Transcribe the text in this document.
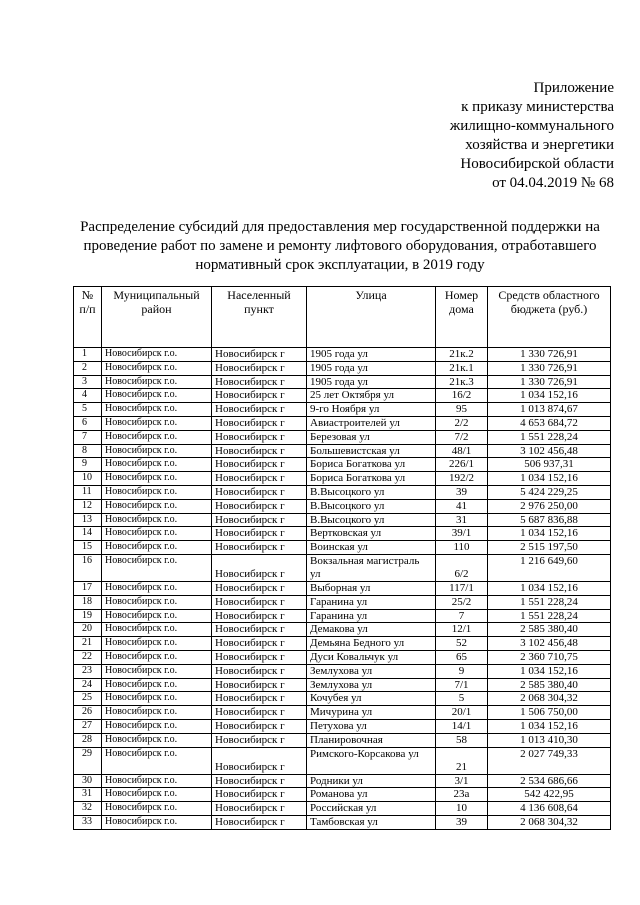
Приложение
к приказу министерства
жилищно-коммунального
хозяйства и энергетики
Новосибирской области
от 04.04.2019 № 68
Распределение субсидий для предоставления мер государственной поддержки на проведение работ по замене и ремонту лифтового оборудования, отработавшего нормативный срок эксплуатации, в 2019 году
№ п/п	Муниципальный район	Населенный пункт	Улица	Номер дома	Средств областного бюджета (руб.)
1	Новосибирск г.о.	Новосибирск г	1905 года ул	21к.2	1 330 726,91
2	Новосибирск г.о.	Новосибирск г	1905 года ул	21к.1	1 330 726,91
3	Новосибирск г.о.	Новосибирск г	1905 года ул	21к.3	1 330 726,91
4	Новосибирск г.о.	Новосибирск г	25 лет Октября ул	16/2	1 034 152,16
5	Новосибирск г.о.	Новосибирск г	9-го Ноября ул	95	1 013 874,67
6	Новосибирск г.о.	Новосибирск г	Авиастроителей ул	2/2	4 653 684,72
7	Новосибирск г.о.	Новосибирск г	Березовая ул	7/2	1 551 228,24
8	Новосибирск г.о.	Новосибирск г	Большевистская ул	48/1	3 102 456,48
9	Новосибирск г.о.	Новосибирск г	Бориса Богаткова ул	226/1	506 937,31
10	Новосибирск г.о.	Новосибирск г	Бориса Богаткова ул	192/2	1 034 152,16
11	Новосибирск г.о.	Новосибирск г	В.Высоцкого ул	39	5 424 229,25
12	Новосибирск г.о.	Новосибирск г	В.Высоцкого ул	41	2 976 250,00
13	Новосибирск г.о.	Новосибирск г	В.Высоцкого ул	31	5 687 836,88
14	Новосибирск г.о.	Новосибирск г	Вертковская ул	39/1	1 034 152,16
15	Новосибирск г.о.	Новосибирск г	Воинская ул	110	2 515 197,50
16	Новосибирск г.о.	Новосибирск г	Вокзальная магистраль ул	6/2	1 216 649,60
17	Новосибирск г.о.	Новосибирск г	Выборная ул	117/1	1 034 152,16
18	Новосибирск г.о.	Новосибирск г	Гаранина ул	25/2	1 551 228,24
19	Новосибирск г.о.	Новосибирск г	Гаранина ул	7	1 551 228,24
20	Новосибирск г.о.	Новосибирск г	Демакова ул	12/1	2 585 380,40
21	Новосибирск г.о.	Новосибирск г	Демьяна Бедного ул	52	3 102 456,48
22	Новосибирск г.о.	Новосибирск г	Дуси Ковальчук ул	65	2 360 710,75
23	Новосибирск г.о.	Новосибирск г	Землухова ул	9	1 034 152,16
24	Новосибирск г.о.	Новосибирск г	Землухова ул	7/1	2 585 380,40
25	Новосибирск г.о.	Новосибирск г	Кочубея ул	5	2 068 304,32
26	Новосибирск г.о.	Новосибирск г	Мичурина ул	20/1	1 506 750,00
27	Новосибирск г.о.	Новосибирск г	Петухова ул	14/1	1 034 152,16
28	Новосибирск г.о.	Новосибирск г	Планировочная	58	1 013 410,30
29	Новосибирск г.о.	Новосибирск г	Римского-Корсакова ул	21	2 027 749,33
30	Новосибирск г.о.	Новосибирск г	Родники ул	3/1	2 534 686,66
31	Новосибирск г.о.	Новосибирск г	Романова ул	23а	542 422,95
32	Новосибирск г.о.	Новосибирск г	Российская ул	10	4 136 608,64
33	Новосибирск г.о.	Новосибирск г	Тамбовская ул	39	2 068 304,32
